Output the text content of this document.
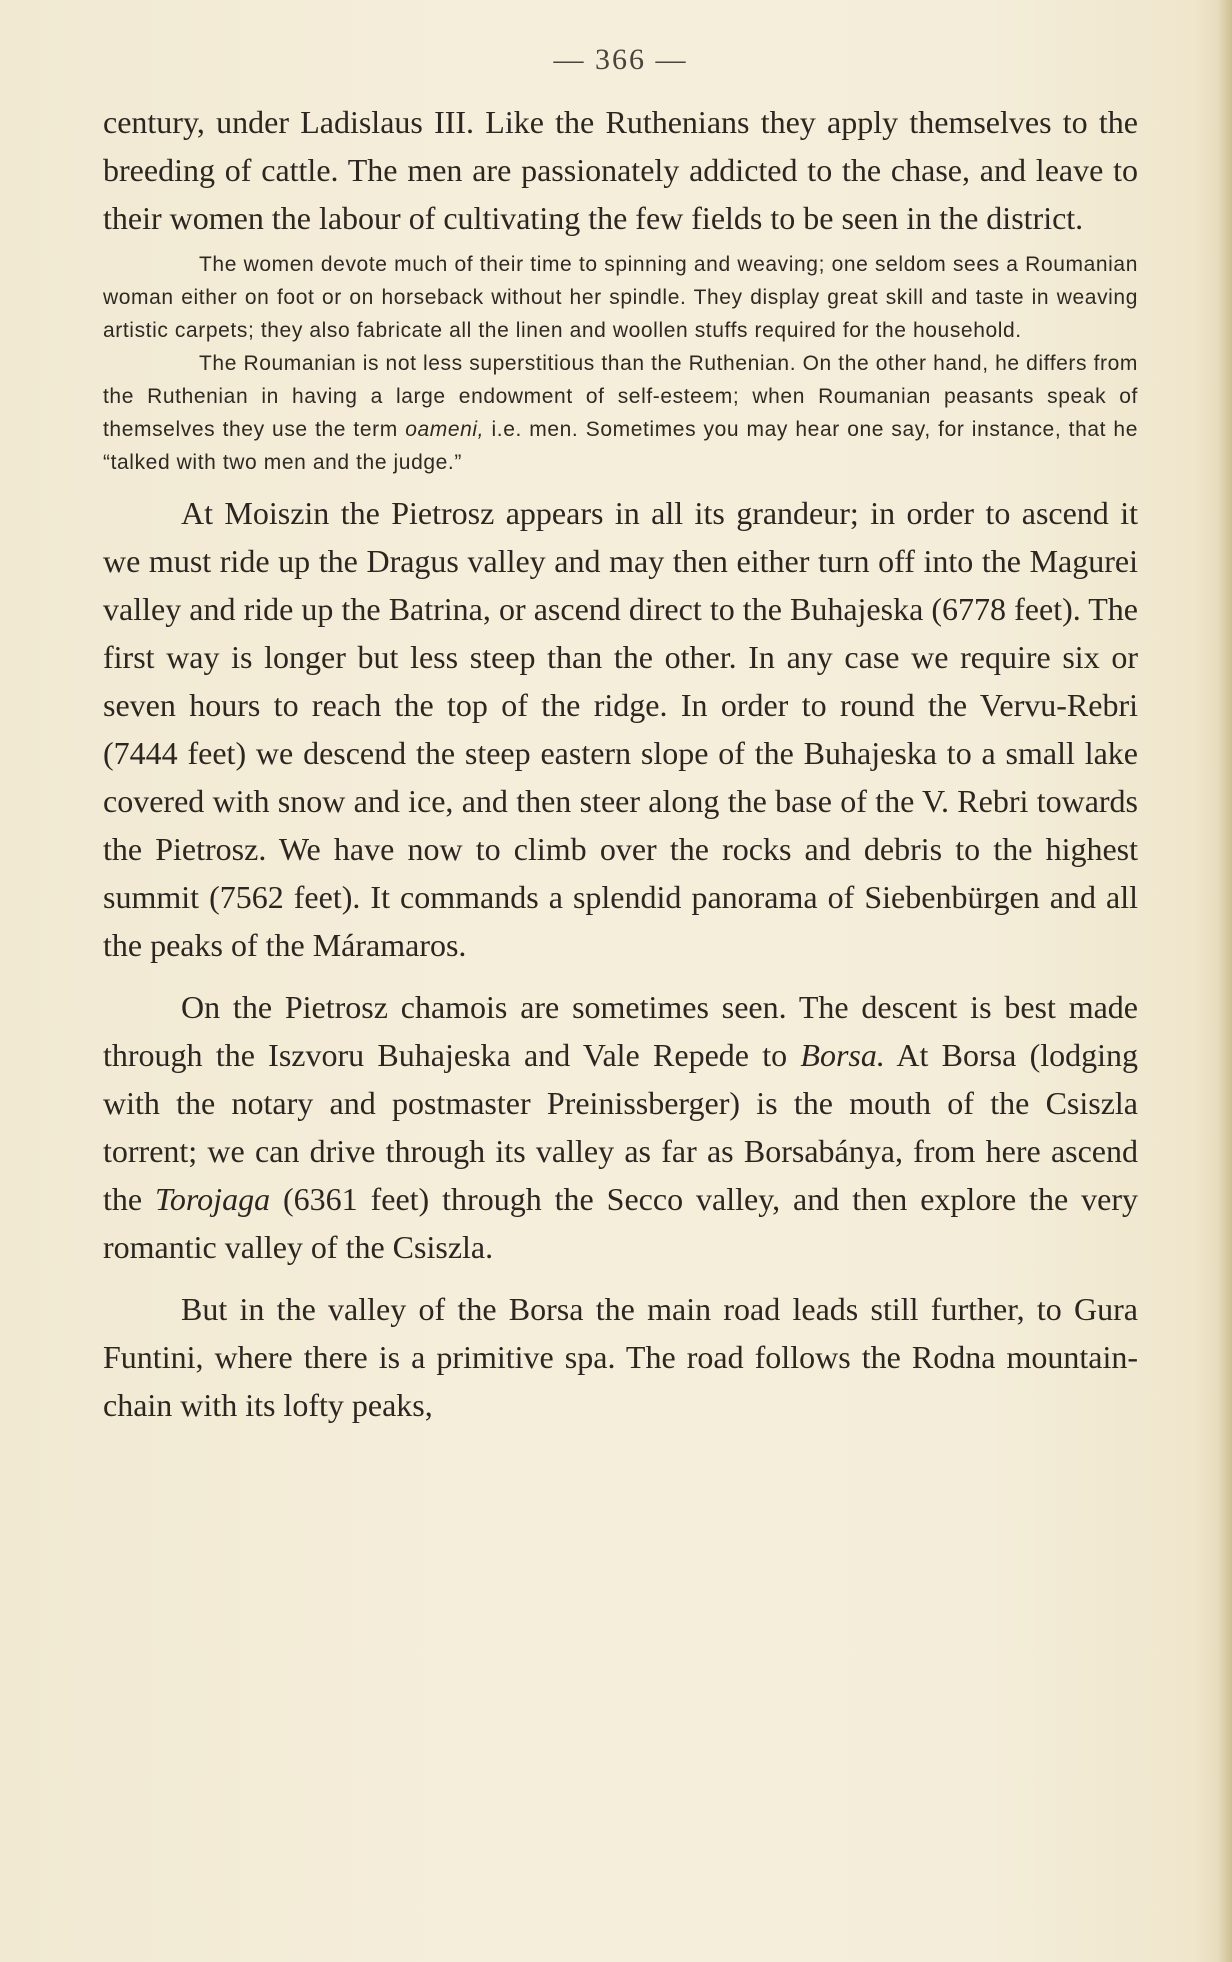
— 366 —

century, under Ladislaus III. Like the Ruthenians they apply themselves to the breeding of cattle. The men are passionately addicted to the chase, and leave to their women the labour of cultivating the few fields to be seen in the district.

The women devote much of their time to spinning and weaving; one seldom sees a Roumanian woman either on foot or on horseback without her spindle. They display great skill and taste in weaving artistic carpets; they also fabricate all the linen and woollen stuffs required for the household.

The Roumanian is not less superstitious than the Ruthenian. On the other hand, he differs from the Ruthenian in having a large endowment of self-esteem; when Roumanian peasants speak of themselves they use the term oameni, i.e. men. Sometimes you may hear one say, for instance, that he “talked with two men and the judge.”

At Moiszin the Pietrosz appears in all its grandeur; in order to ascend it we must ride up the Dragus valley and may then either turn off into the Magurei valley and ride up the Batrina, or ascend direct to the Buhajeska (6778 feet). The first way is longer but less steep than the other. In any case we require six or seven hours to reach the top of the ridge. In order to round the Vervu-Rebri (7444 feet) we descend the steep eastern slope of the Buhajeska to a small lake covered with snow and ice, and then steer along the base of the V. Rebri towards the Pietrosz. We have now to climb over the rocks and debris to the highest summit (7562 feet). It commands a splendid panorama of Siebenbürgen and all the peaks of the Máramaros.

On the Pietrosz chamois are sometimes seen. The descent is best made through the Iszvoru Buhajeska and Vale Repede to Borsa. At Borsa (lodging with the notary and postmaster Preinissberger) is the mouth of the Csiszla torrent; we can drive through its valley as far as Borsabánya, from here ascend the Torojaga (6361 feet) through the Secco valley, and then explore the very romantic valley of the Csiszla.

But in the valley of the Borsa the main road leads still further, to Gura Funtini, where there is a primitive spa. The road follows the Rodna mountain-chain with its lofty peaks,
